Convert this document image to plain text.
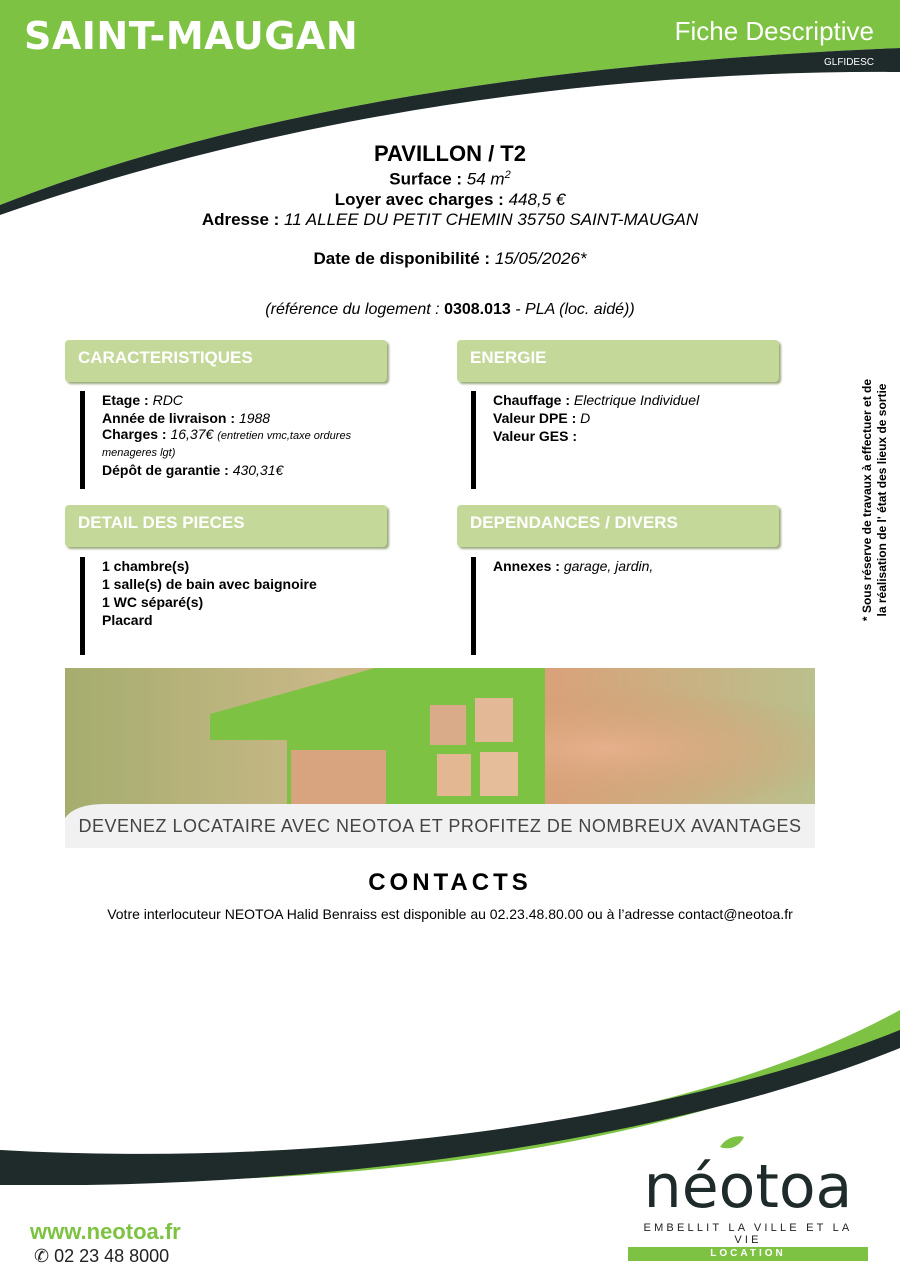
SAINT-MAUGAN	Fiche Descriptive
GLFIDESC
PAVILLON / T2
Surface : 54 $m^2$
Loyer avec charges : 448,5 €
Adresse : 11 ALLEE DU PETIT CHEMIN 35750 SAINT-MAUGAN
Date de disponibilité : 15/05/2026*
(référence du logement : 0308.013 - PLA (loc. aidé))
CARACTERISTIQUES
Etage : RDC
Année de livraison : 1988
Charges : 16,37€ (entretien vmc,taxe ordures menageres lgt)
Dépôt de garantie : 430,31€
ENERGIE
Chauffage : Electrique Individuel
Valeur DPE : D
Valeur GES :
DETAIL DES PIECES
1 chambre(s)
1 salle(s) de bain avec baignoire
1 WC séparé(s)
Placard
DEPENDANCES / DIVERS
Annexes : garage, jardin,	* Sous réserve de travaux à effectuer et de la réalisation de l' état des lieux de sortie
DEVENEZ LOCATAIRE AVEC NEOTOA ET PROFITEZ DE NOMBREUX AVANTAGES
CONTACTS
Votre interlocuteur NEOTOA Halid Benraiss est disponible au 02.23.48.80.00 ou à l’adresse contact@neotoa.fr
www.neotoa.fr
✆ 02 23 48 8000
néotoa
EMBELLIT LA VILLE ET LA VIE
LOCATION
